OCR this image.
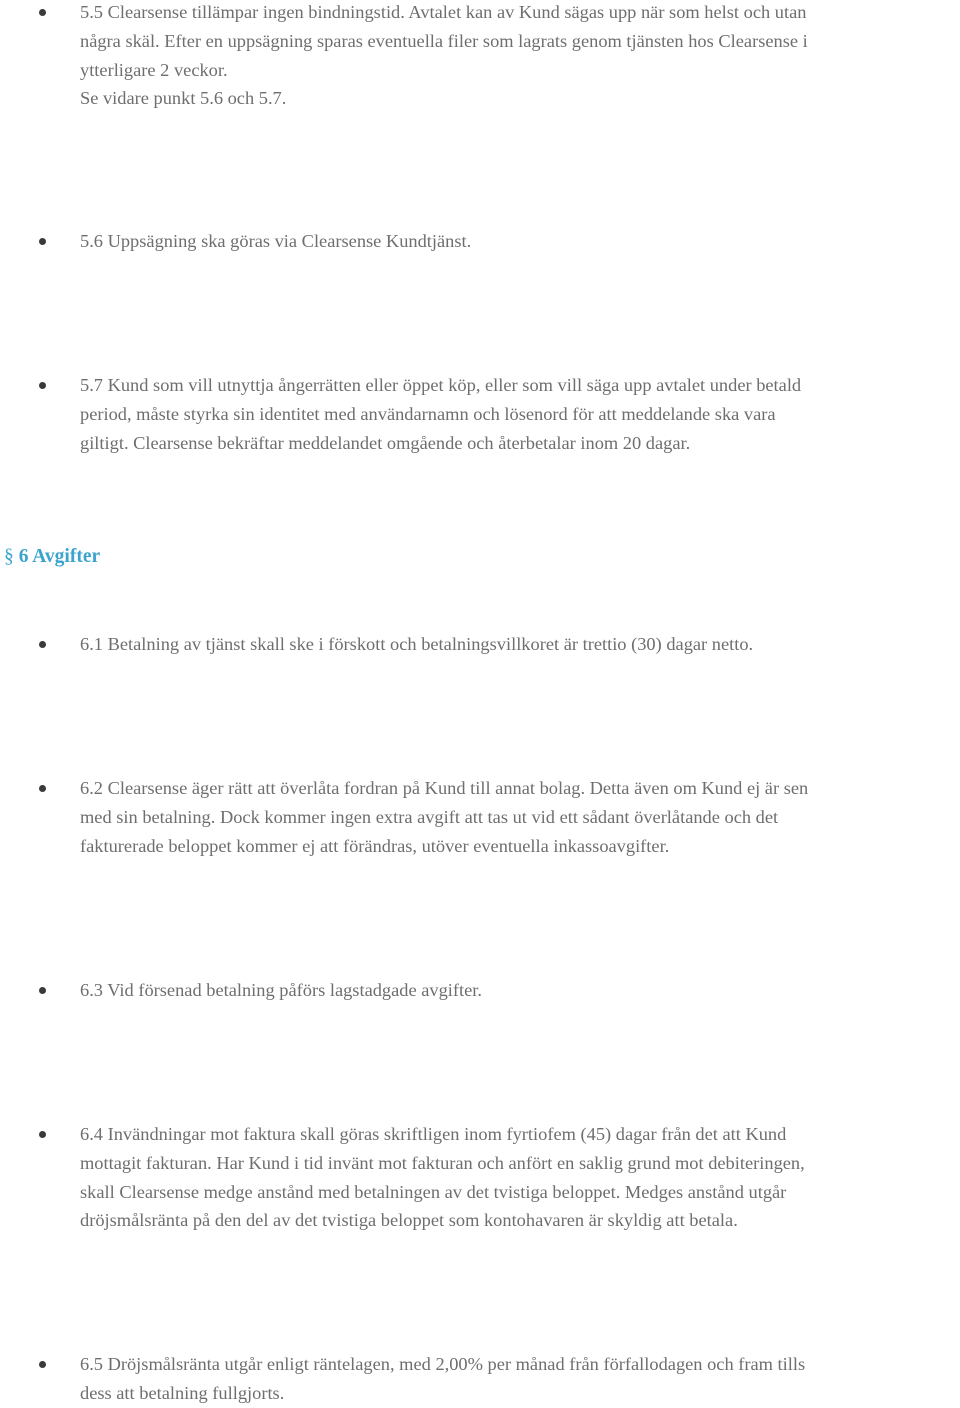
5.5 Clearsense tillämpar ingen bindningstid. Avtalet kan av Kund sägas upp när som helst och utan
några skäl. Efter en uppsägning sparas eventuella filer som lagrats genom tjänsten hos Clearsense i
ytterligare 2 veckor.
Se vidare punkt 5.6 och 5.7.
5.6 Uppsägning ska göras via Clearsense Kundtjänst.
5.7 Kund som vill utnyttja ångerrätten eller öppet köp, eller som vill säga upp avtalet under betald
period, måste styrka sin identitet med användarnamn och lösenord för att meddelande ska vara
giltigt. Clearsense bekräftar meddelandet omgående och återbetalar inom 20 dagar.
§ 6 Avgifter
6.1 Betalning av tjänst skall ske i förskott och betalningsvillkoret är trettio (30) dagar netto.
6.2 Clearsense äger rätt att överlåta fordran på Kund till annat bolag. Detta även om Kund ej är sen
med sin betalning. Dock kommer ingen extra avgift att tas ut vid ett sådant överlåtande och det
fakturerade beloppet kommer ej att förändras, utöver eventuella inkassoavgifter.
6.3 Vid försenad betalning påförs lagstadgade avgifter.
6.4 Invändningar mot faktura skall göras skriftligen inom fyrtiofem (45) dagar från det att Kund
mottagit fakturan. Har Kund i tid invänt mot fakturan och anfört en saklig grund mot debiteringen,
skall Clearsense medge anstånd med betalningen av det tvistiga beloppet. Medges anstånd utgår
dröjsmålsränta på den del av det tvistiga beloppet som kontohavaren är skyldig att betala.
6.5 Dröjsmålsränta utgår enligt räntelagen, med 2,00% per månad från förfallodagen och fram tills
dess att betalning fullgjorts.
